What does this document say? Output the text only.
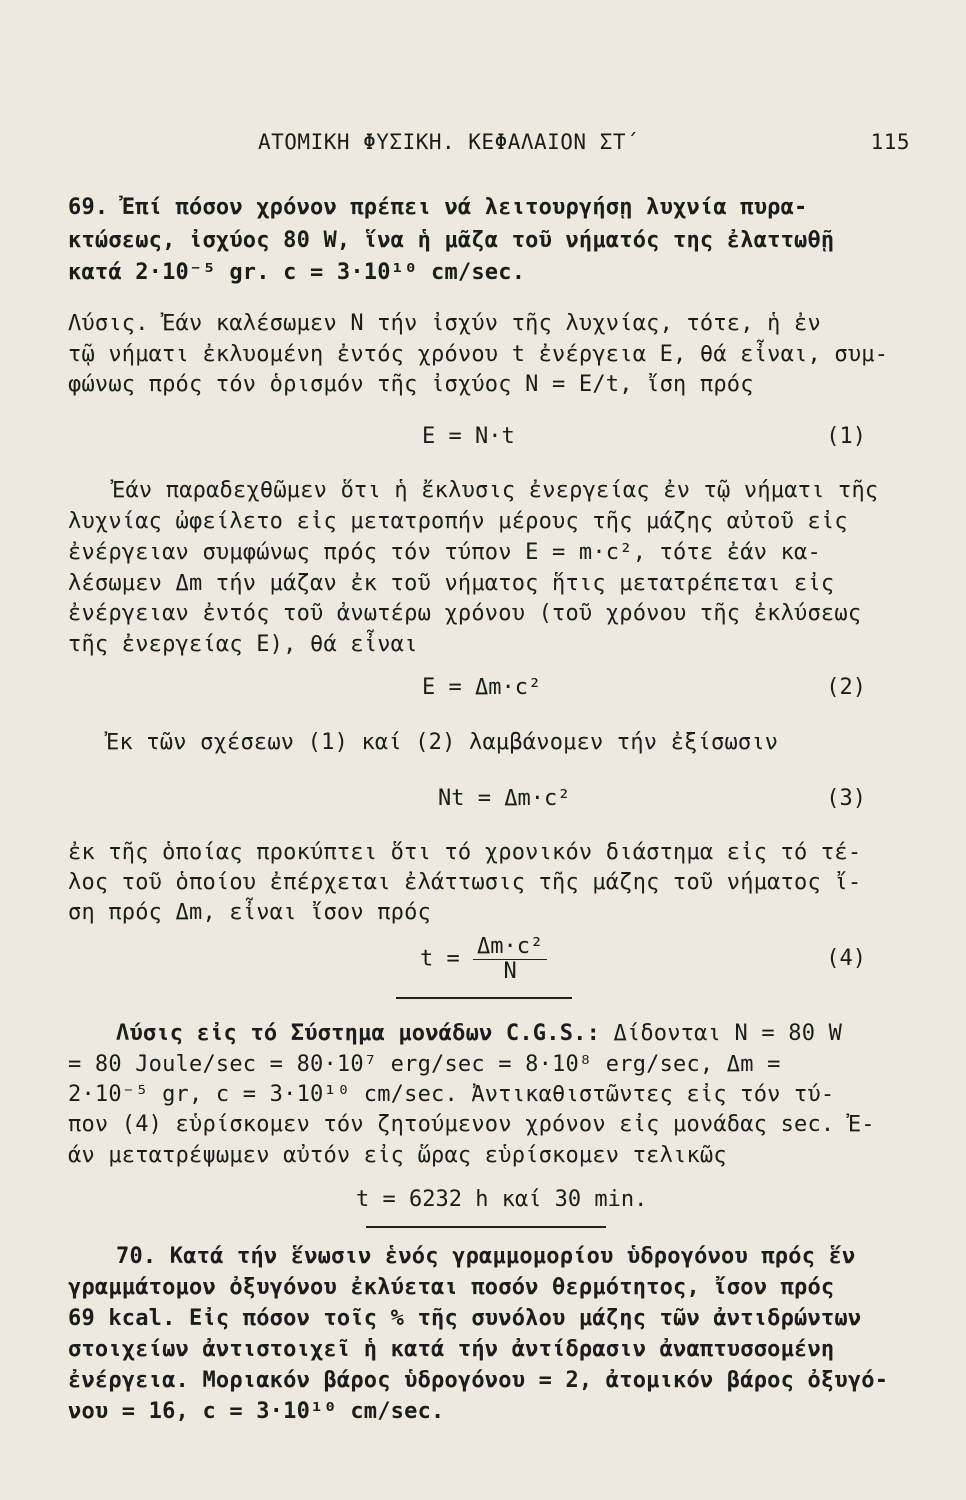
ΑΤΟΜΙΚΗ ΦΥΣΙΚΗ. ΚΕΦΑΛΑΙΟΝ ΣΤ΄	115
69. Ἐπί πόσον χρόνον πρέπει νά λειτουργήσῃ λυχνία πυρα-
κτώσεως, ἰσχύος 80 W, ἵνα ἡ μᾶζα τοῦ νήματός της ἐλαττωθῇ
κατά 2·10⁻⁵ gr. c = 3·10¹⁰ cm/sec.
Λύσις. Ἐάν καλέσωμεν N τήν ἰσχύν τῆς λυχνίας, τότε, ἡ ἐν
τῷ νήματι ἐκλυομένη ἐντός χρόνου t ἐνέργεια E, θά εἶναι, συμ-
φώνως πρός τόν ὁρισμόν τῆς ἰσχύος N = E/t, ἴση πρός
E = N·t	(1)
Ἐάν παραδεχθῶμεν ὅτι ἡ ἔκλυσις ἐνεργείας ἐν τῷ νήματι τῆς
λυχνίας ὠφείλετο εἰς μετατροπήν μέρους τῆς μάζης αὐτοῦ εἰς
ἐνέργειαν συμφώνως πρός τόν τύπον E = m·c², τότε ἐάν κα-
λέσωμεν Δm τήν μάζαν ἐκ τοῦ νήματος ἥτις μετατρέπεται εἰς
ἐνέργειαν ἐντός τοῦ ἀνωτέρω χρόνου (τοῦ χρόνου τῆς ἐκλύσεως
τῆς ἐνεργείας E), θά εἶναι
E = Δm·c²	(2)
Ἐκ τῶν σχέσεων (1) καί (2) λαμβάνομεν τήν ἐξίσωσιν
Nt = Δm·c²	(3)
ἐκ τῆς ὁποίας προκύπτει ὅτι τό χρονικόν διάστημα εἰς τό τέ-
λος τοῦ ὁποίου ἐπέρχεται ἐλάττωσις τῆς μάζης τοῦ νήματος ἴ-
ση πρός Δm, εἶναι ἴσον πρός
$t = \frac{\text{Δm·c²}}{N}$	(4)
Λύσις εἰς τό Σύστημα μονάδων C.G.S.: Δίδονται N = 80 W
= 80 Joule/sec = 80·10⁷ erg/sec = 8·10⁸ erg/sec, Δm =
2·10⁻⁵ gr, c = 3·10¹⁰ cm/sec. Ἀντικαθιστῶντες εἰς τόν τύ-
πον (4) εὑρίσκομεν τόν ζητούμενον χρόνον εἰς μονάδας sec. Ἐ-
άν μετατρέψωμεν αὐτόν εἰς ὥρας εὑρίσκομεν τελικῶς
t = 6232 h καί 30 min.
70. Κατά τήν ἕνωσιν ἑνός γραμμομορίου ὑδρογόνου πρός ἕν
γραμμάτομον ὀξυγόνου ἐκλύεται ποσόν θερμότητος, ἴσον πρός
69 kcal. Εἰς πόσον τοῖς % τῆς συνόλου μάζης τῶν ἀντιδρώντων
στοιχείων ἀντιστοιχεῖ ἡ κατά τήν ἀντίδρασιν ἀναπτυσσομένη
ἐνέργεια. Μοριακόν βάρος ὑδρογόνου = 2, ἀτομικόν βάρος ὀξυγό-
νου = 16, c = 3·10¹⁰ cm/sec.
